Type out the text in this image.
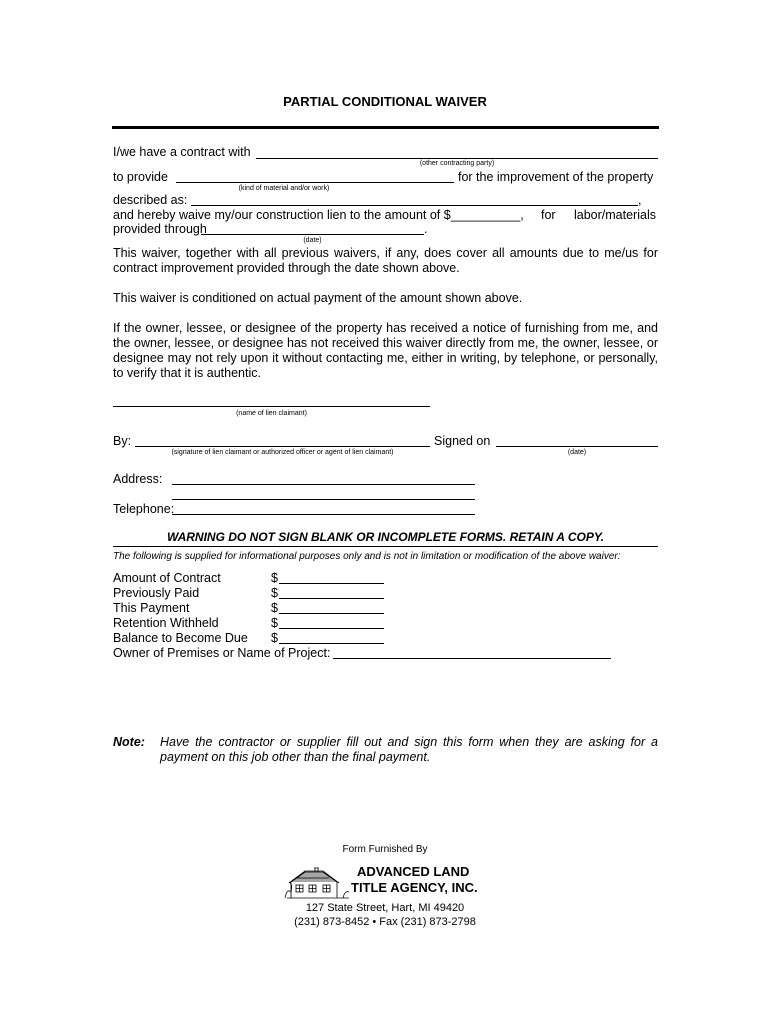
PARTIAL CONDITIONAL WAIVER
I/we have a contract with
(other contracting party)
to provide	for the improvement of the property
(kind of material and/or work)
described as:	,
and hereby waive my/our construction lien to the amount of $__________, for labor/materials
provided through	.
(date)
This waiver, together with all previous waivers, if any, does cover all amounts due to me/us for contract improvement provided through the date shown above.
This waiver is conditioned on actual payment of the amount shown above.
If the owner, lessee, or designee of the property has received a notice of furnishing from me, and the owner, lessee, or designee has not received this waiver directly from me, the owner, lessee, or designee may not rely upon it without contacting me, either in writing, by telephone, or personally, to verify that it is authentic.
(name of lien claimant)
By:	Signed on
(signature of lien claimant or authorized officer or agent of lien claimant)	(date)
Address:
Telephone:
WARNING DO NOT SIGN BLANK OR INCOMPLETE FORMS. RETAIN A COPY.
The following is supplied for informational purposes only and is not in limitation or modification of the above waiver:
Amount of Contract	$
Previously Paid	$
This Payment	$
Retention Withheld	$
Balance to Become Due $
Owner of Premises or Name of Project:
Note: Have the contractor or supplier fill out and sign this form when they are asking for a
payment on this job other than the final payment.
Form Furnished By
ADVANCED LAND
TITLE AGENCY, INC.
127 State Street, Hart, MI 49420
(231) 873-8452 • Fax (231) 873-2798
